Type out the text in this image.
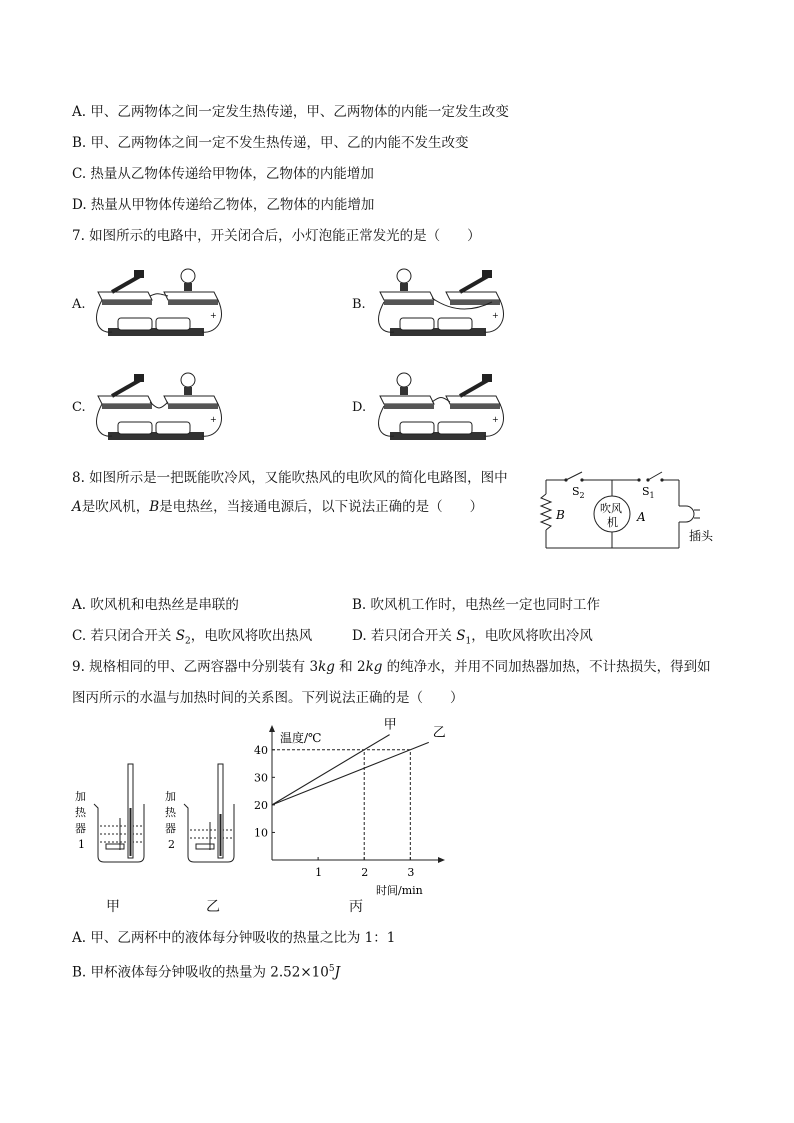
A. 甲、乙两物体之间一定发生热传递，甲、乙两物体的内能一定发生改变
B. 甲、乙两物体之间一定不发生热传递，甲、乙的内能不发生改变
C. 热量从乙物体传递给甲物体，乙物体的内能增加
D. 热量从甲物体传递给乙物体，乙物体的内能增加
7. 如图所示的电路中，开关闭合后，小灯泡能正常发光的是（　　）
A.	B.
C.	D.
+	+
+	+
8. 如图所示是一把既能吹冷风，又能吹热风的电吹风的简化电路图，图中
A是吹风机，B是电热丝，当接通电源后，以下说法正确的是（　　）
$S_2$	$S_1$
B	吹风
机 A
插头
A. 吹风机和电热丝是串联的	B. 吹风机工作时，电热丝一定也同时工作
C. 若只闭合开关 $S_2$，电吹风将吹出热风	D. 若只闭合开关 $S_1$，电吹风将吹出冷风
9. 规格相同的甲、乙两容器中分别装有 3kg 和 2kg 的纯净水，并用不同加热器加热，不计热损失，得到如
图丙所示的水温与加热时间的关系图。下列说法正确的是（　　）
加
热
器
1
加
热
器
2
温度/℃
时间/min
甲
乙
1	2	3
10
20
30
40
甲	乙	丙
A. 甲、乙两杯中的液体每分钟吸收的热量之比为 1：1
B. 甲杯液体每分钟吸收的热量为 $2.52\times 10^5J$
